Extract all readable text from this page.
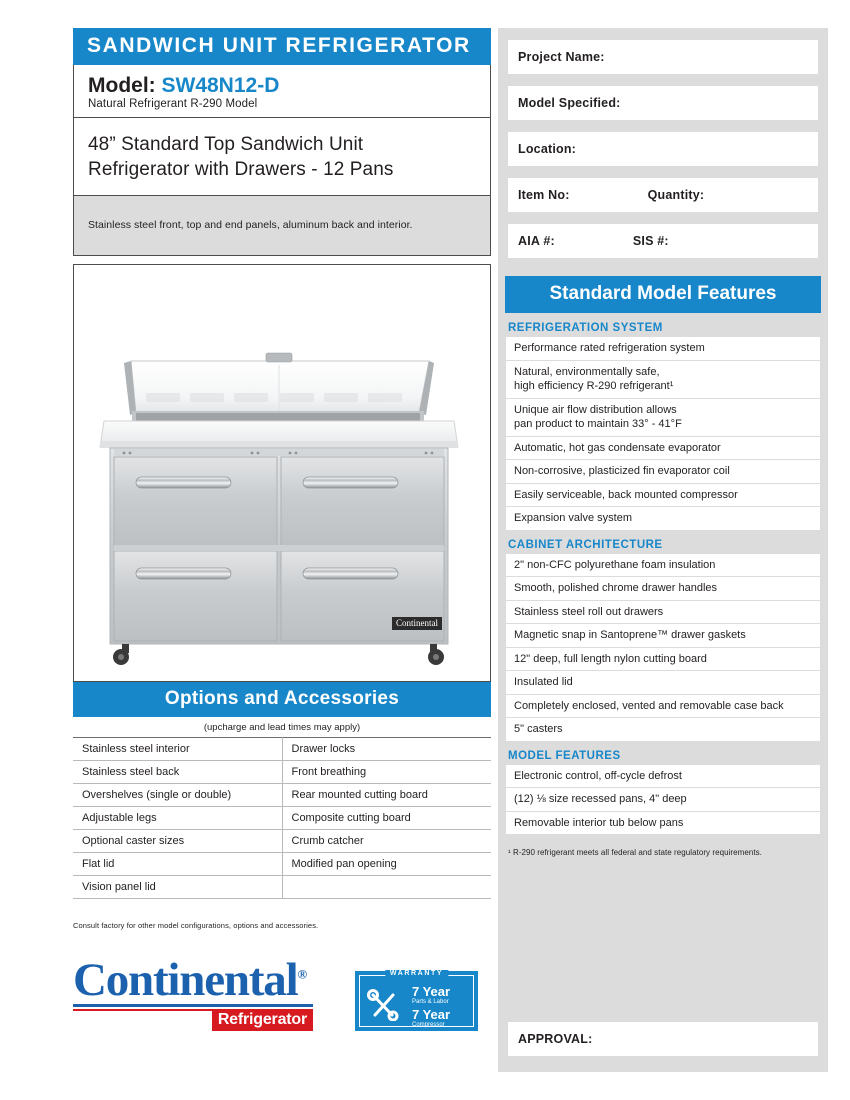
SANDWICH UNIT REFRIGERATOR
Model: SW48N12-D
Natural Refrigerant R-290 Model
48” Standard Top Sandwich Unit
Refrigerator with Drawers - 12 Pans
Stainless steel front, top and end panels, aluminum back and interior.
Continental
Options and Accessories
(upcharge and lead times may apply)
Stainless steel interior	Drawer locks
Stainless steel back	Front breathing
Overshelves (single or double)	Rear mounted cutting board
Adjustable legs	Composite cutting board
Optional caster sizes	Crumb catcher
Flat lid	Modified pan opening
Vision panel lid	
Consult factory for other model configurations, options and accessories.
Continental®
Refrigerator
WARRANTY
7 Year
Parts & Labor
7 Year
Compressor
Project Name:
Model Specified:
Location:
Item No:	Quantity:
AIA #:	SIS #:
Standard Model Features
REFRIGERATION SYSTEM
Performance rated refrigeration system
Natural, environmentally safe,
high efficiency R-290 refrigerant¹
Unique air flow distribution allows
pan product to maintain 33° - 41°F
Automatic, hot gas condensate evaporator
Non-corrosive, plasticized fin evaporator coil
Easily serviceable, back mounted compressor
Expansion valve system
CABINET ARCHITECTURE
2" non-CFC polyurethane foam insulation
Smooth, polished chrome drawer handles
Stainless steel roll out drawers
Magnetic snap in Santoprene™ drawer gaskets
12" deep, full length nylon cutting board
Insulated lid
Completely enclosed, vented and removable case back
5" casters
MODEL FEATURES
Electronic control, off-cycle defrost
(12) ⅛ size recessed pans, 4" deep
Removable interior tub below pans
¹ R-290 refrigerant meets all federal and state regulatory requirements.
APPROVAL:
